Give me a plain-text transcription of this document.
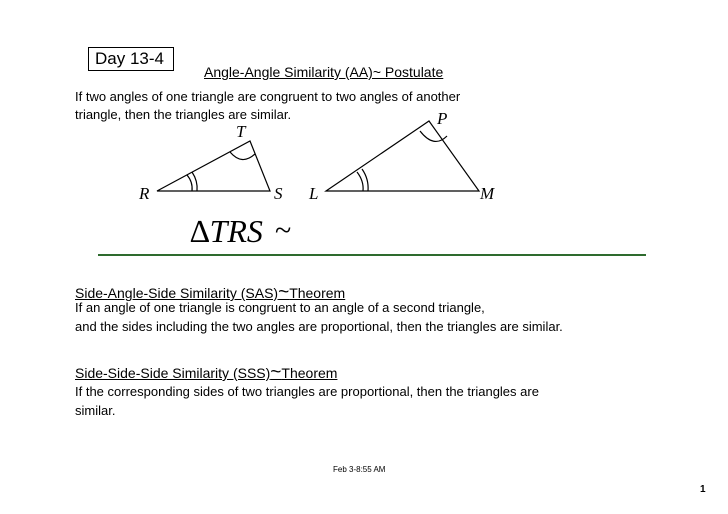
Day 13-4
Angle-Angle Similarity (AA)~ Postulate
If two angles of one triangle are congruent to two angles of another
triangle, then the triangles are similar.
T
R	S
P
L	M
∆TRS ~
Side-Angle-Side Similarity (SAS)~Theorem
If an angle of one triangle is congruent to an angle of a second triangle,
and the sides including the two angles are proportional, then the triangles are similar.
Side-Side-Side Similarity (SSS)~Theorem
If the corresponding sides of two triangles are proportional, then the triangles are
similar.
Feb 3-8:55 AM
1
